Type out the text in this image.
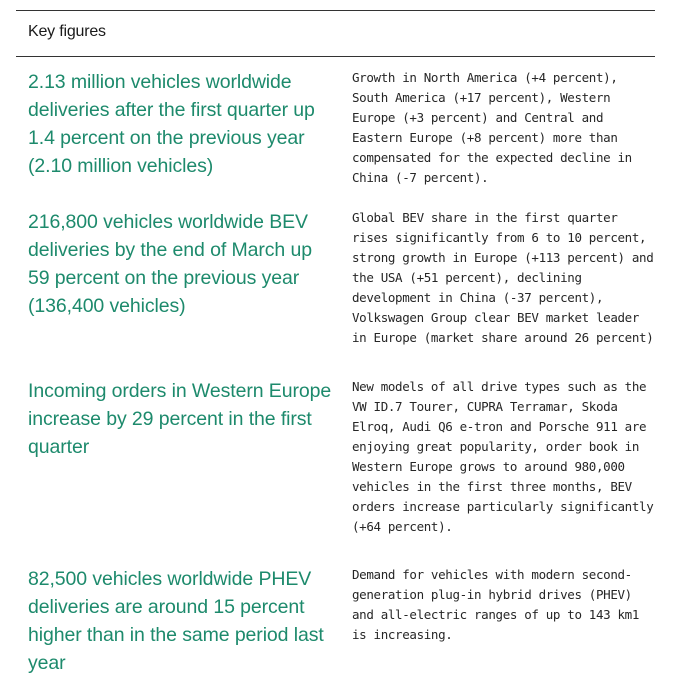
Key figures

2.13 million vehicles worldwide deliveries after the first quarter up 1.4 percent on the previous year (2.10 million vehicles)

Growth in North America (+4 percent), South America (+17 percent), Western Europe (+3 percent) and Central and Eastern Europe (+8 percent) more than compensated for the expected decline in China (-7 percent).

216,800 vehicles worldwide BEV deliveries by the end of March up 59 percent on the previous year (136,400 vehicles)

Global BEV share in the first quarter rises significantly from 6 to 10 percent, strong growth in Europe (+113 percent) and the USA (+51 percent), declining development in China (-37 percent), Volkswagen Group clear BEV market leader in Europe (market share around 26 percent)

Incoming orders in Western Europe increase by 29 percent in the first quarter

New models of all drive types such as the VW ID.7 Tourer, CUPRA Terramar, Skoda Elroq, Audi Q6 e-tron and Porsche 911 are enjoying great popularity, order book in Western Europe grows to around 980,000 vehicles in the first three months, BEV orders increase particularly significantly (+64 percent).

82,500 vehicles worldwide PHEV deliveries are around 15 percent higher than in the same period last year

Demand for vehicles with modern second-generation plug-in hybrid drives (PHEV) and all-electric ranges of up to 143 km1 is increasing.
